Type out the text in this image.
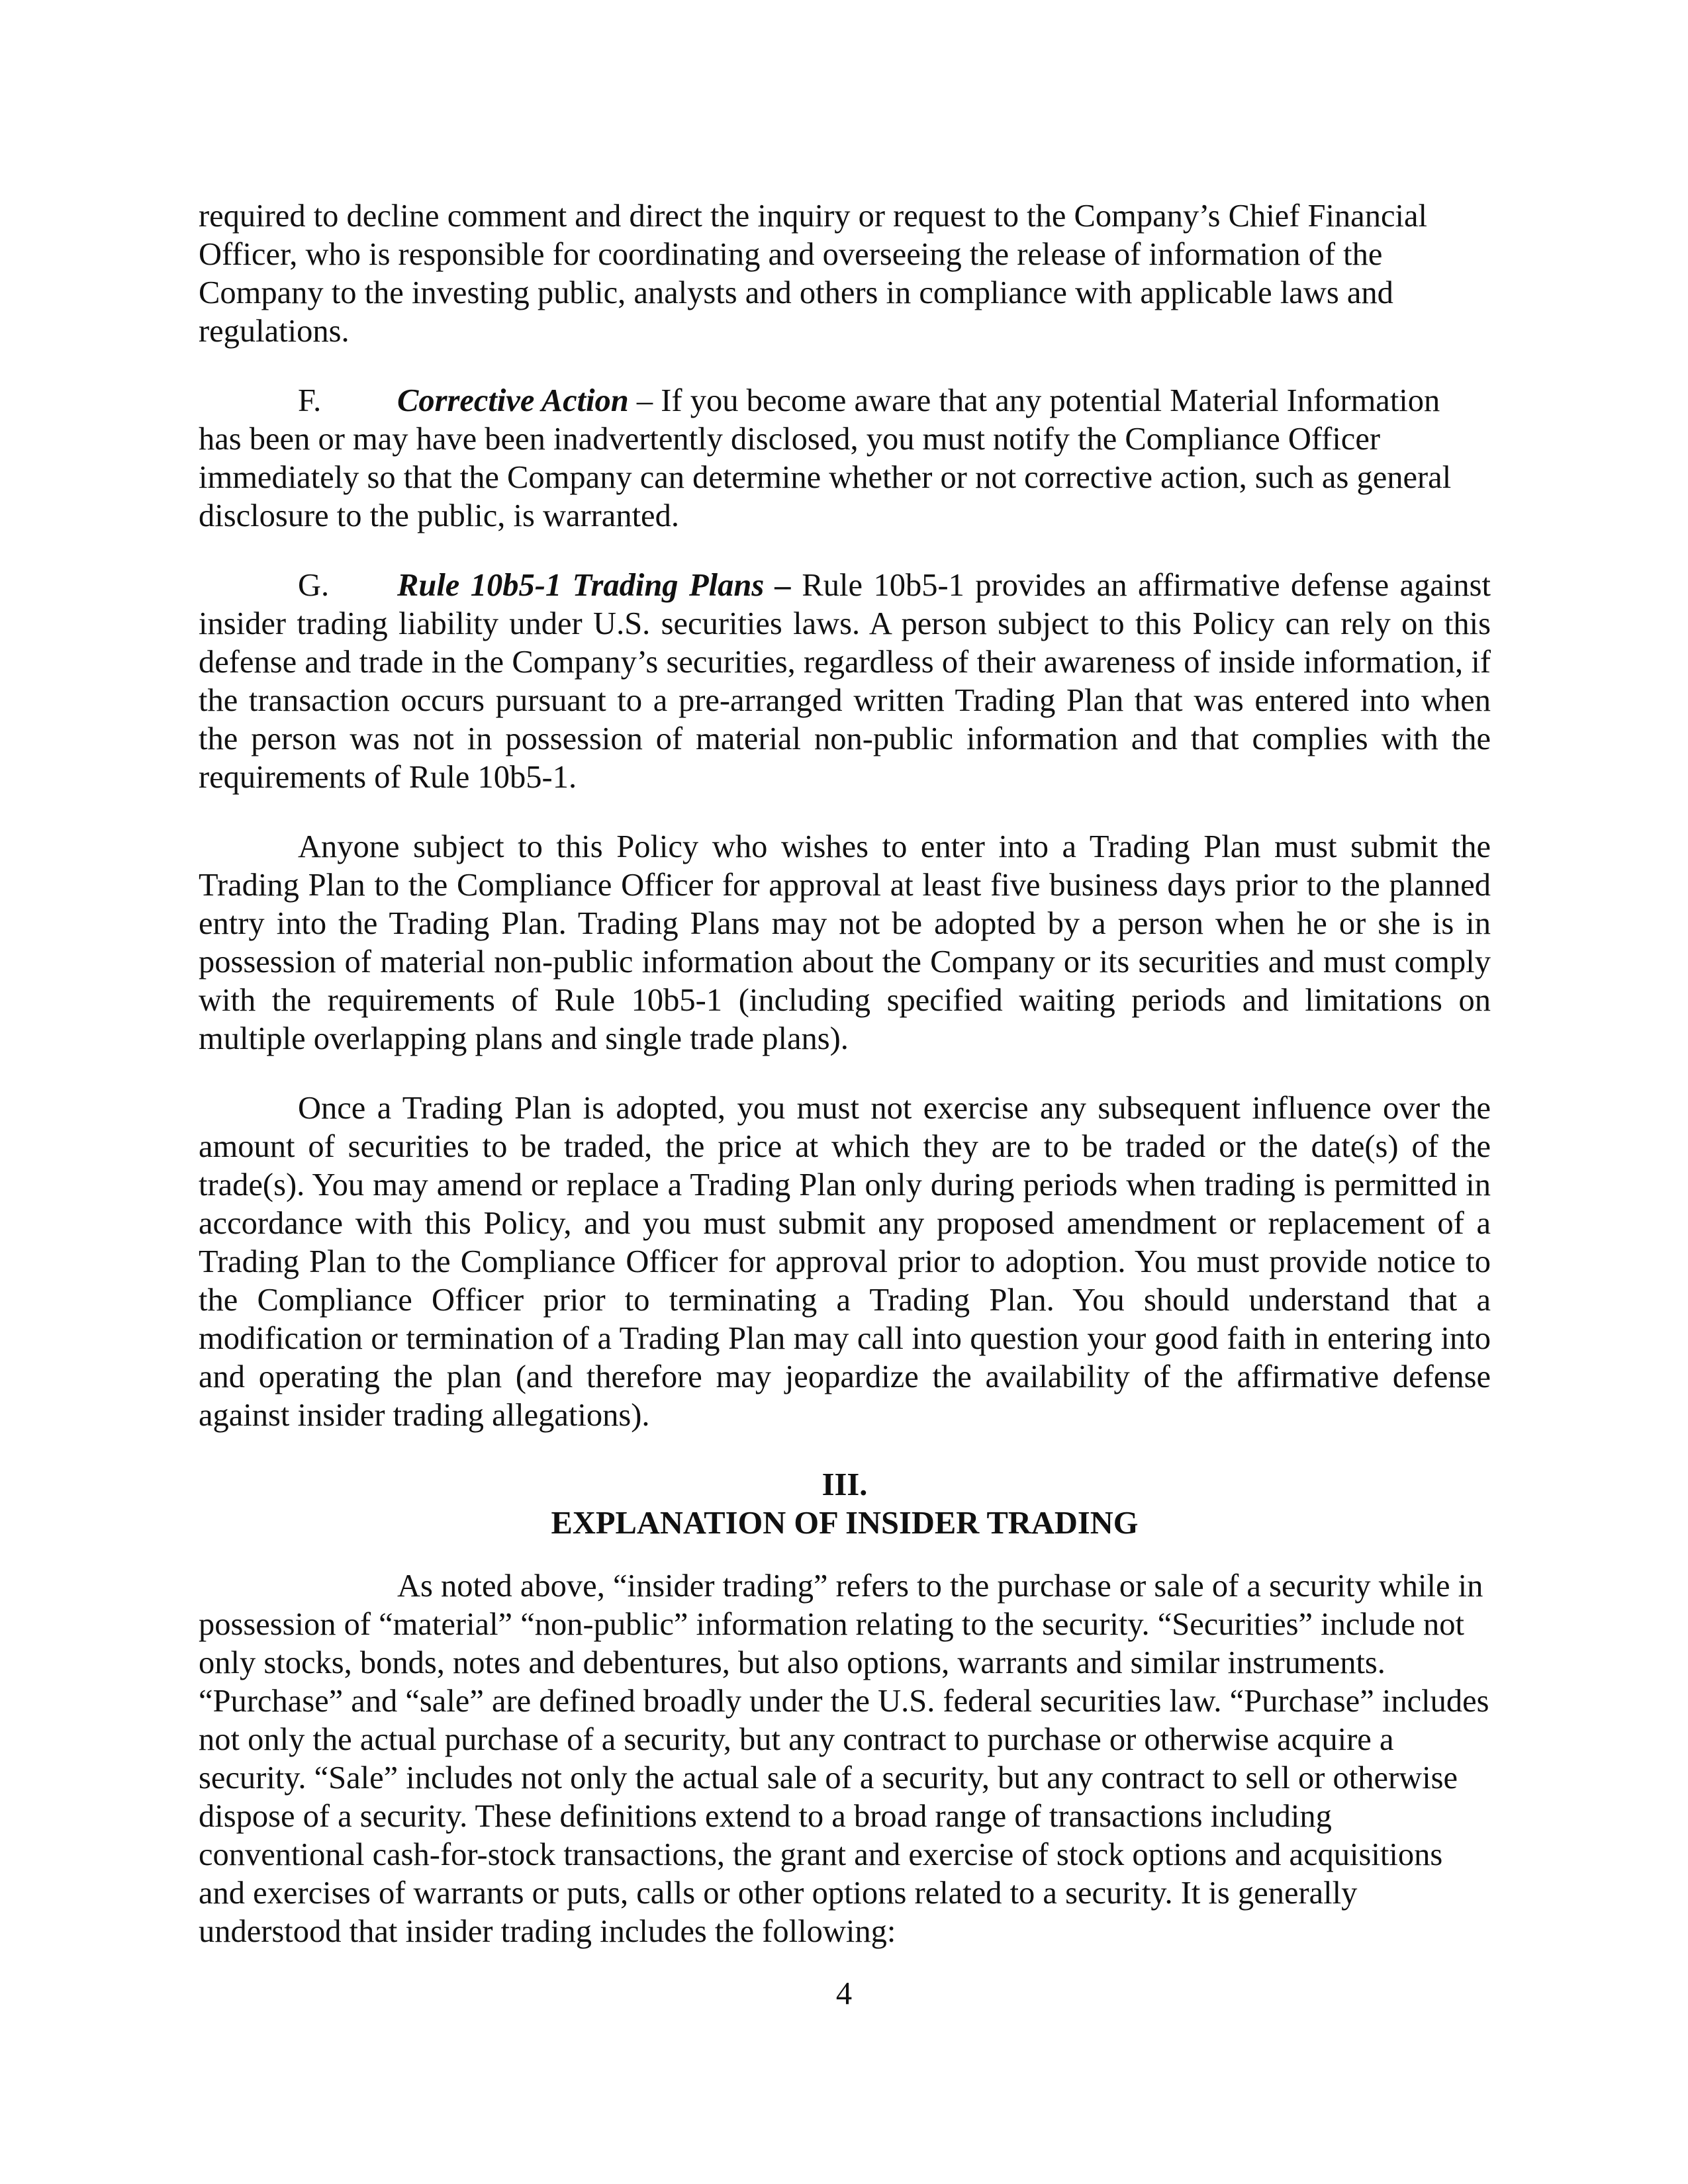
required to decline comment and direct the inquiry or request to the Company’s Chief Financial Officer, who is responsible for coordinating and overseeing the release of information of the Company to the investing public, analysts and others in compliance with applicable laws and regulations.

F. Corrective Action – If you become aware that any potential Material Information has been or may have been inadvertently disclosed, you must notify the Compliance Officer immediately so that the Company can determine whether or not corrective action, such as general disclosure to the public, is warranted.

G. Rule 10b5-1 Trading Plans – Rule 10b5-1 provides an affirmative defense against insider trading liability under U.S. securities laws. A person subject to this Policy can rely on this defense and trade in the Company’s securities, regardless of their awareness of inside information, if the transaction occurs pursuant to a pre-arranged written Trading Plan that was entered into when the person was not in possession of material non-public information and that complies with the requirements of Rule 10b5-1.

Anyone subject to this Policy who wishes to enter into a Trading Plan must submit the Trading Plan to the Compliance Officer for approval at least five business days prior to the planned entry into the Trading Plan. Trading Plans may not be adopted by a person when he or she is in possession of material non-public information about the Company or its securities and must comply with the requirements of Rule 10b5-1 (including specified waiting periods and limitations on multiple overlapping plans and single trade plans).

Once a Trading Plan is adopted, you must not exercise any subsequent influence over the amount of securities to be traded, the price at which they are to be traded or the date(s) of the trade(s). You may amend or replace a Trading Plan only during periods when trading is permitted in accordance with this Policy, and you must submit any proposed amendment or replacement of a Trading Plan to the Compliance Officer for approval prior to adoption. You must provide notice to the Compliance Officer prior to terminating a Trading Plan. You should understand that a modification or termination of a Trading Plan may call into question your good faith in entering into and operating the plan (and therefore may jeopardize the availability of the affirmative defense against insider trading allegations).

III.

EXPLANATION OF INSIDER TRADING

As noted above, “insider trading” refers to the purchase or sale of a security while in possession of “material” “non-public” information relating to the security. “Securities” include not only stocks, bonds, notes and debentures, but also options, warrants and similar instruments. “Purchase” and “sale” are defined broadly under the U.S. federal securities law. “Purchase” includes not only the actual purchase of a security, but any contract to purchase or otherwise acquire a security. “Sale” includes not only the actual sale of a security, but any contract to sell or otherwise dispose of a security. These definitions extend to a broad range of transactions including conventional cash-for-stock transactions, the grant and exercise of stock options and acquisitions and exercises of warrants or puts, calls or other options related to a security. It is generally understood that insider trading includes the following:

4
